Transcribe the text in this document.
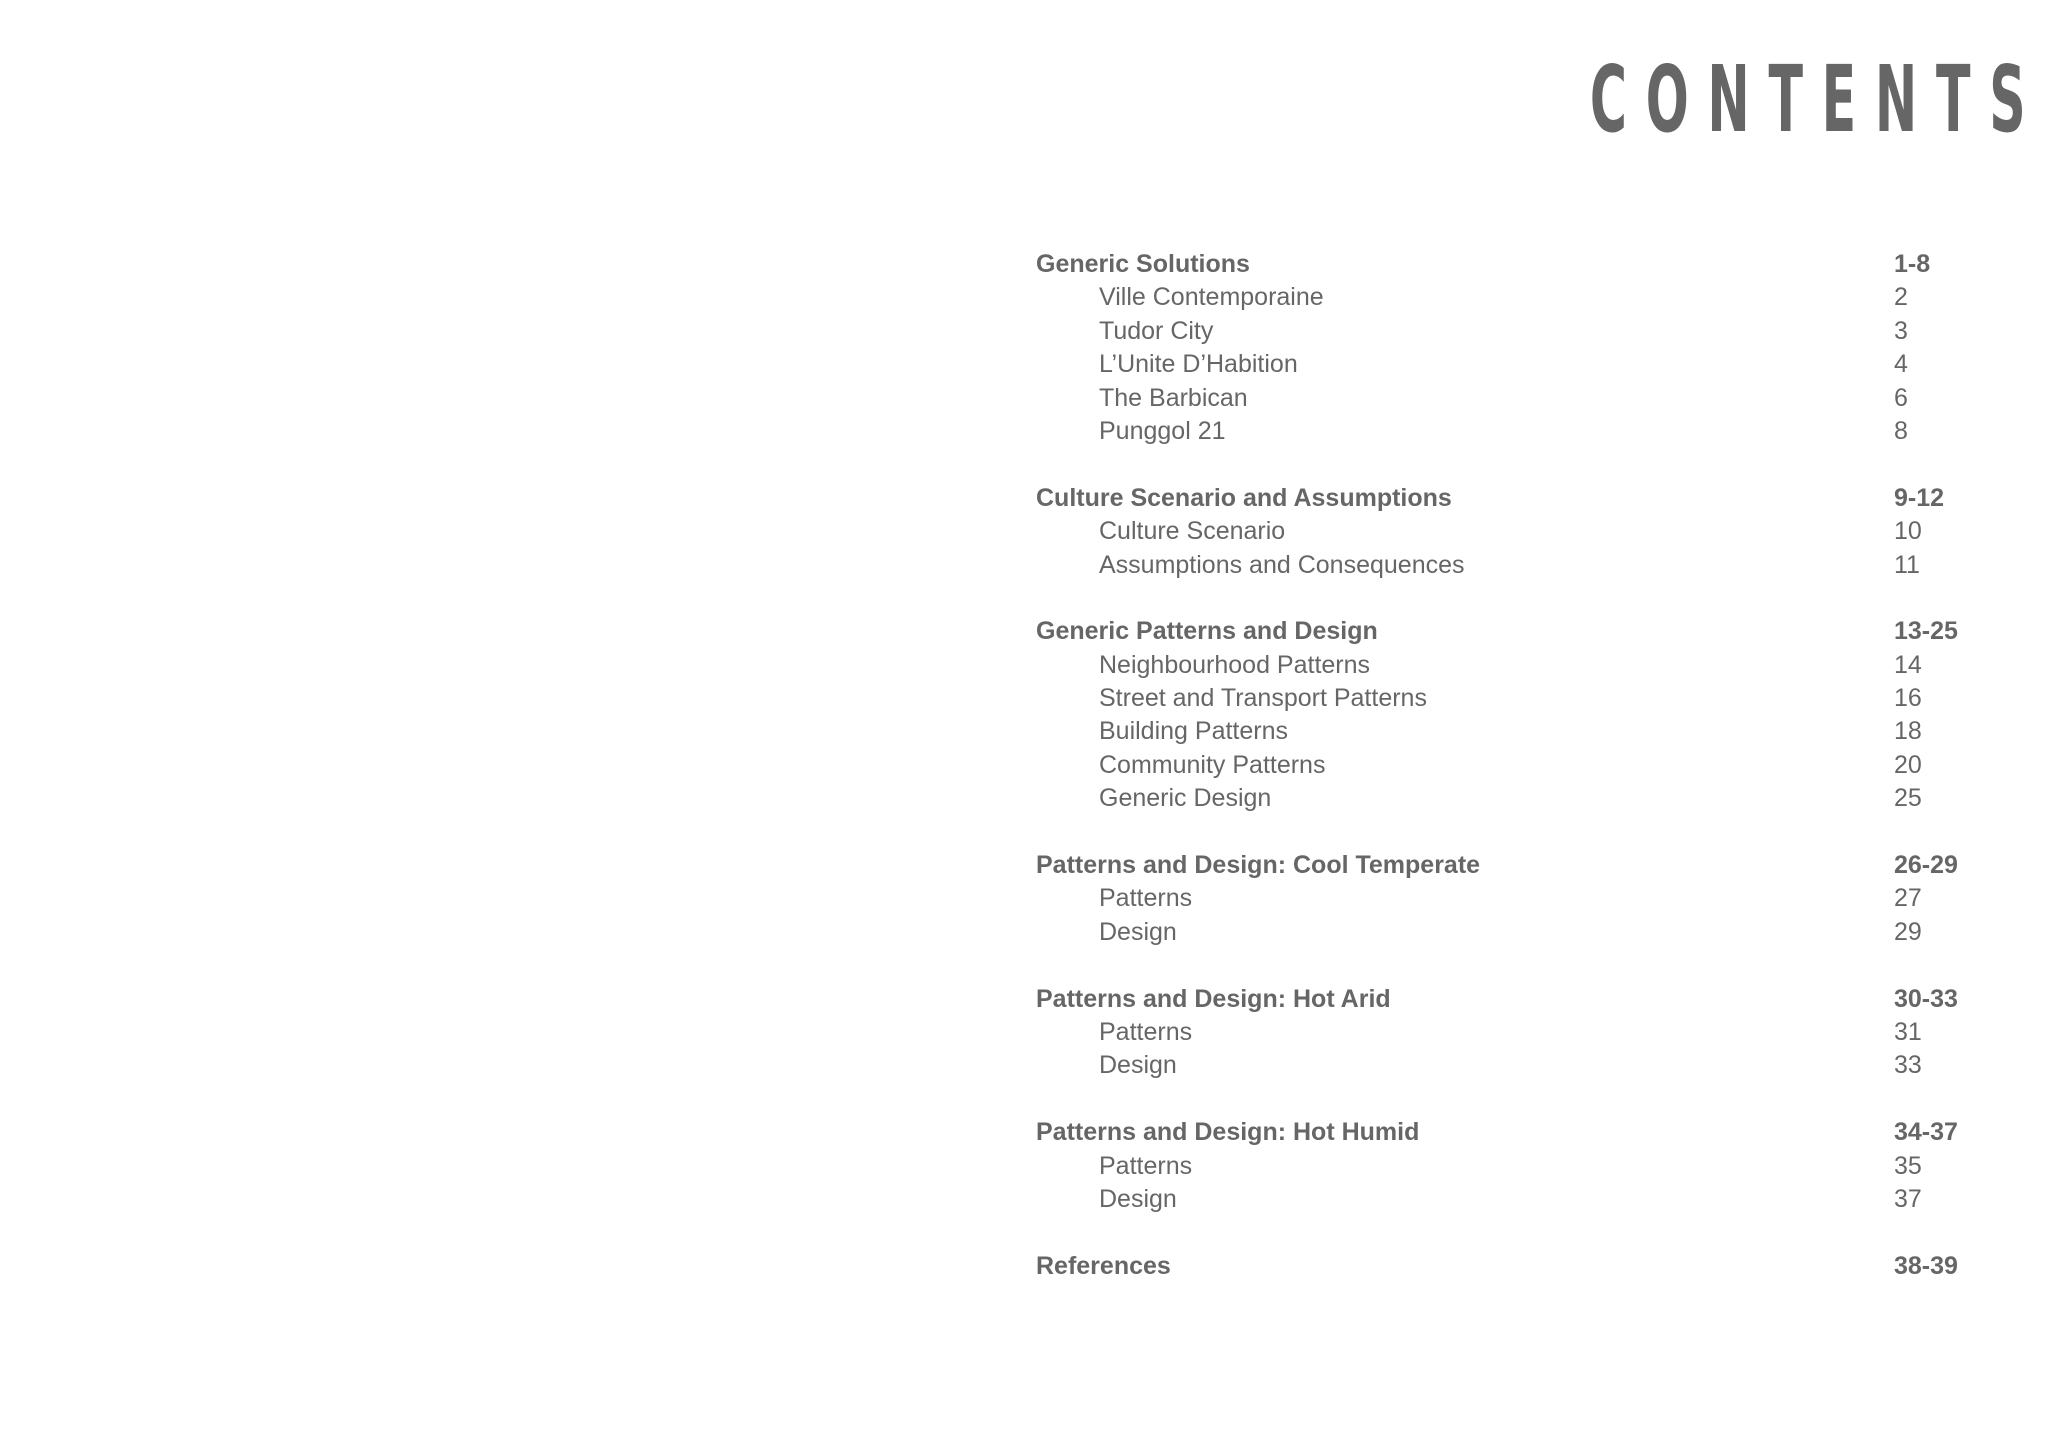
CONTENTS
Generic Solutions	1-8
Ville Contemporaine	2
Tudor City	3
L’Unite D’Habition	4
The Barbican	6
Punggol 21	8
Culture Scenario and Assumptions	9-12
Culture Scenario	10
Assumptions and Consequences	11
Generic Patterns and Design	13-25
Neighbourhood Patterns	14
Street and Transport Patterns	16
Building Patterns	18
Community Patterns	20
Generic Design	25
Patterns and Design: Cool Temperate	26-29
Patterns	27
Design	29
Patterns and Design: Hot Arid	30-33
Patterns	31
Design	33
Patterns and Design: Hot Humid	34-37
Patterns	35
Design	37
References	38-39
